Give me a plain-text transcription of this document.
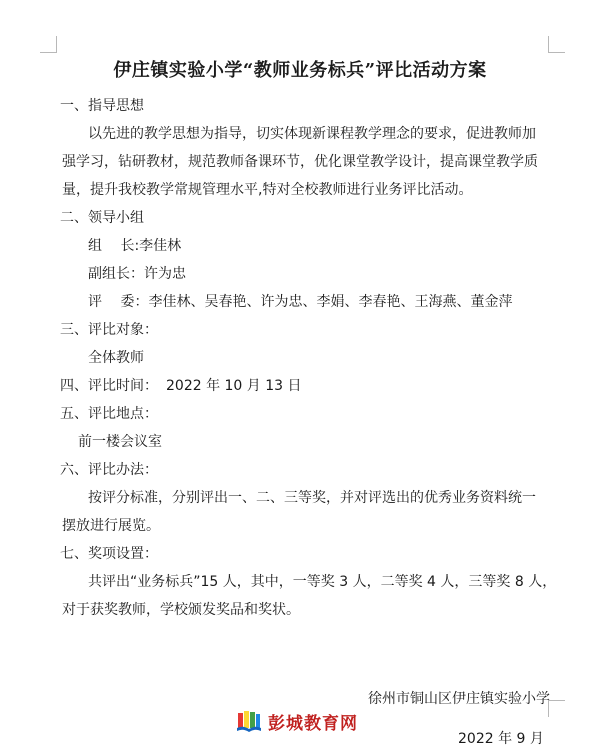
伊庄镇实验小学“教师业务标兵”评比活动方案
一、指导思想
以先进的教学思想为指导，切实体现新课程教学理念的要求，促进教师加
强学习，钻研教材，规范教师备课环节，优化课堂教学设计，提高课堂教学质
量，提升我校教学常规管理水平,特对全校教师进行业务评比活动。
二、领导小组
组　 长:李佳林
副组长：许为忠
评　 委：李佳林、吴春艳、许为忠、李娟、李春艳、王海燕、董金萍
三、评比对象：
全体教师
四、评比时间： 2022 年 10 月 13 日
五、评比地点：
前一楼会议室
六、评比办法：
按评分标准，分别评出一、二、三等奖，并对评选出的优秀业务资料统一
摆放进行展览。
七、奖项设置：
共评出“业务标兵”15 人，其中，一等奖 3 人，二等奖 4 人，三等奖 8 人，
对于获奖教师，学校颁发奖品和奖状。
徐州市铜山区伊庄镇实验小学
2022 年 9 月
彭城教育网
